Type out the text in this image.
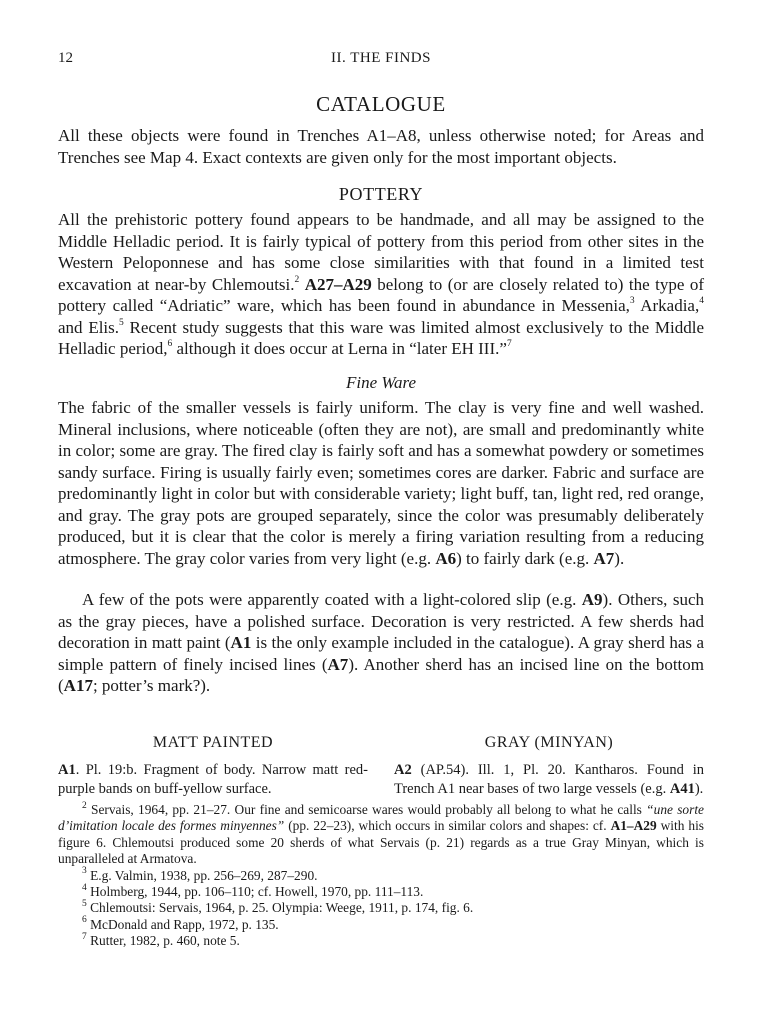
12	II. THE FINDS
CATALOGUE
All these objects were found in Trenches A1–A8, unless otherwise noted; for Areas and Trenches see Map 4. Exact contexts are given only for the most important objects.
POTTERY
All the prehistoric pottery found appears to be handmade, and all may be assigned to the Middle Helladic period. It is fairly typical of pottery from this period from other sites in the Western Peloponnese and has some close similarities with that found in a limited test excavation at near-by Chlemoutsi.$^2$ A27–A29 belong to (or are closely related to) the type of pottery called “Adriatic” ware, which has been found in abundance in Messenia,$^3$ Arkadia,$^4$ and Elis.$^5$ Recent study suggests that this ware was limited almost exclusively to the Middle Helladic period,$^6$ although it does occur at Lerna in “later EH III.”$^7$
Fine Ware
The fabric of the smaller vessels is fairly uniform. The clay is very fine and well washed. Mineral inclusions, where noticeable (often they are not), are small and predominantly white in color; some are gray. The fired clay is fairly soft and has a somewhat powdery or sometimes sandy surface. Firing is usually fairly even; sometimes cores are darker. Fabric and surface are predominantly light in color but with considerable variety; light buff, tan, light red, red orange, and gray. The gray pots are grouped separately, since the color was presumably deliberately produced, but it is clear that the color is merely a firing variation resulting from a reducing atmosphere. The gray color varies from very light (e.g. A6) to fairly dark (e.g. A7).
A few of the pots were apparently coated with a light-colored slip (e.g. A9). Others, such as the gray pieces, have a polished surface. Decoration is very restricted. A few sherds had decoration in matt paint (A1 is the only example included in the catalogue). A gray sherd has a simple pattern of finely incised lines (A7). Another sherd has an incised line on the bottom (A17; potter’s mark?).
MATT PAINTED
A1. Pl. 19:b. Fragment of body. Narrow matt red-purple bands on buff-yellow surface.
GRAY (MINYAN)
A2 (AP.54). Ill. 1, Pl. 20. Kantharos. Found in Trench A1 near bases of two large vessels (e.g. A41).
$^2$ Servais, 1964, pp. 21–27. Our fine and semicoarse wares would probably all belong to what he calls “une sorte d’imitation locale des formes minyennes” (pp. 22–23), which occurs in similar colors and shapes: cf. A1–A29 with his figure 6. Chlemoutsi produced some 20 sherds of what Servais (p. 21) regards as a true Gray Minyan, which is unparalleled at Armatova.
$^3$ E.g. Valmin, 1938, pp. 256–269, 287–290.
$^4$ Holmberg, 1944, pp. 106–110; cf. Howell, 1970, pp. 111–113.
$^5$ Chlemoutsi: Servais, 1964, p. 25. Olympia: Weege, 1911, p. 174, fig. 6.
$^6$ McDonald and Rapp, 1972, p. 135.
$^7$ Rutter, 1982, p. 460, note 5.
